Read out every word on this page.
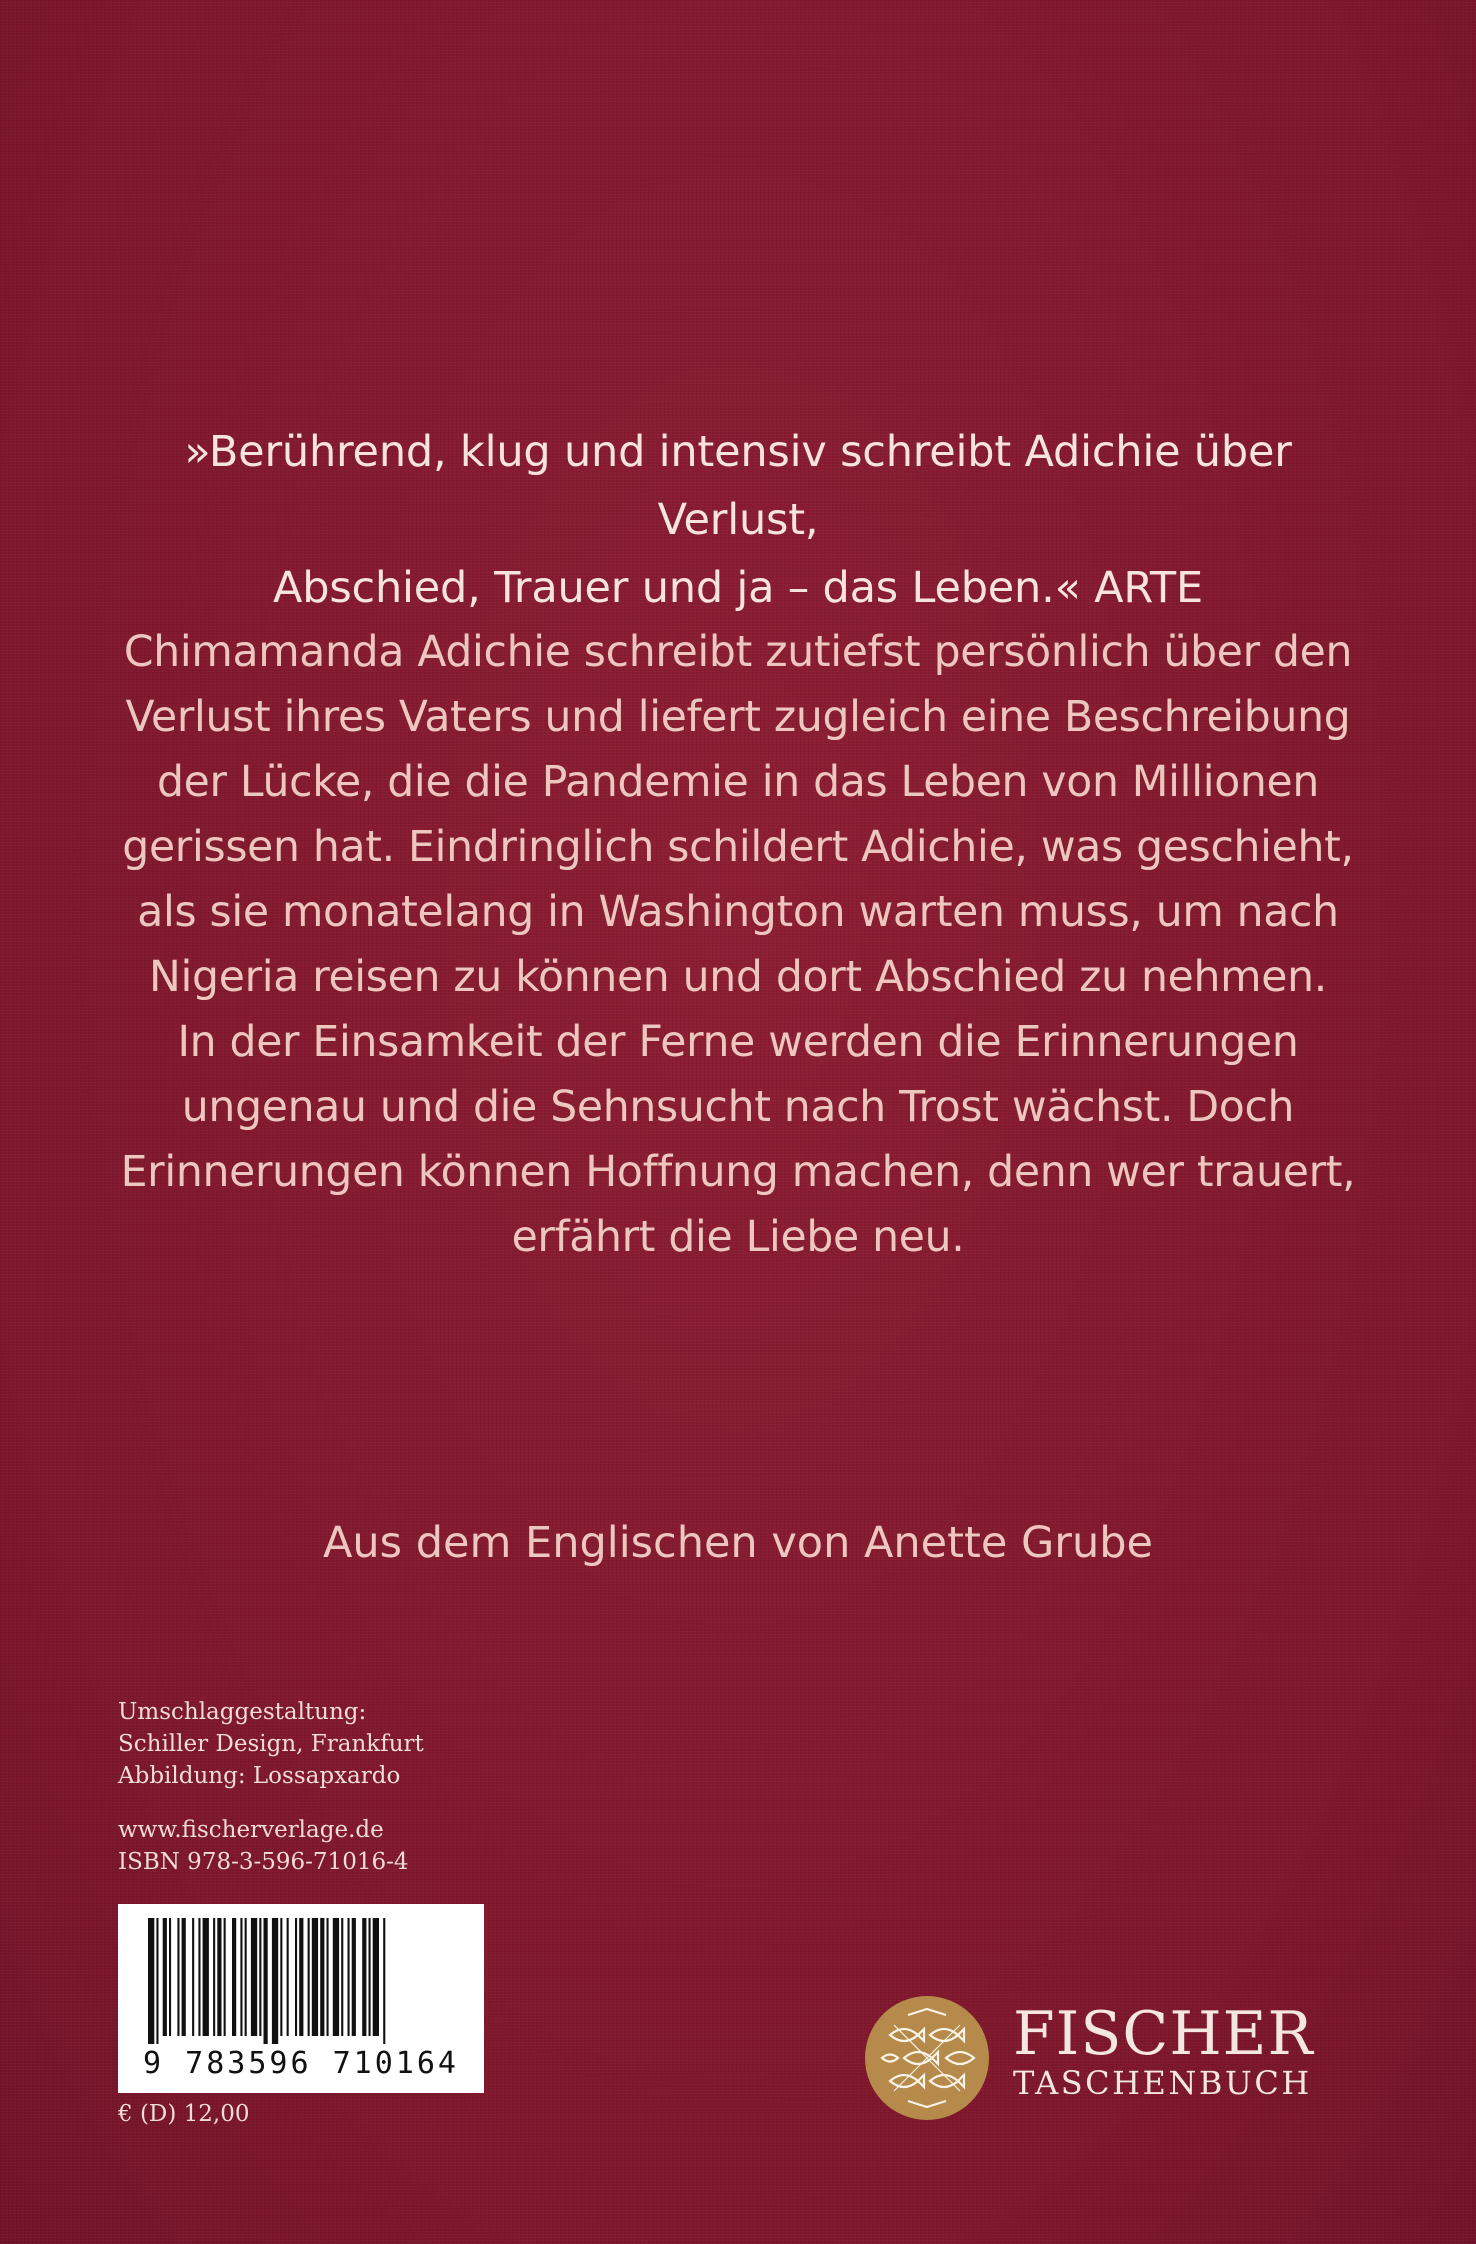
»Berührend, klug und intensiv schreibt Adichie über Verlust,
Abschied, Trauer und ja – das Leben.« ARTE
Chimamanda Adichie schreibt zutiefst persönlich über den
Verlust ihres Vaters und liefert zugleich eine Beschreibung
der Lücke, die die Pandemie in das Leben von Millionen
gerissen hat. Eindringlich schildert Adichie, was geschieht,
als sie monatelang in Washington warten muss, um nach
Nigeria reisen zu können und dort Abschied zu nehmen.
In der Einsamkeit der Ferne werden die Erinnerungen
ungenau und die Sehnsucht nach Trost wächst. Doch
Erinnerungen können Hoffnung machen, denn wer trauert,
erfährt die Liebe neu.
Aus dem Englischen von Anette Grube
Umschlaggestaltung:
Schiller Design, Frankfurt
Abbildung: Lossapxardo
www.fischerverlage.de
ISBN 978-3-596-71016-4
9 783596 710164
€ (D) 12,00
FISCHER
TASCHENBUCH
